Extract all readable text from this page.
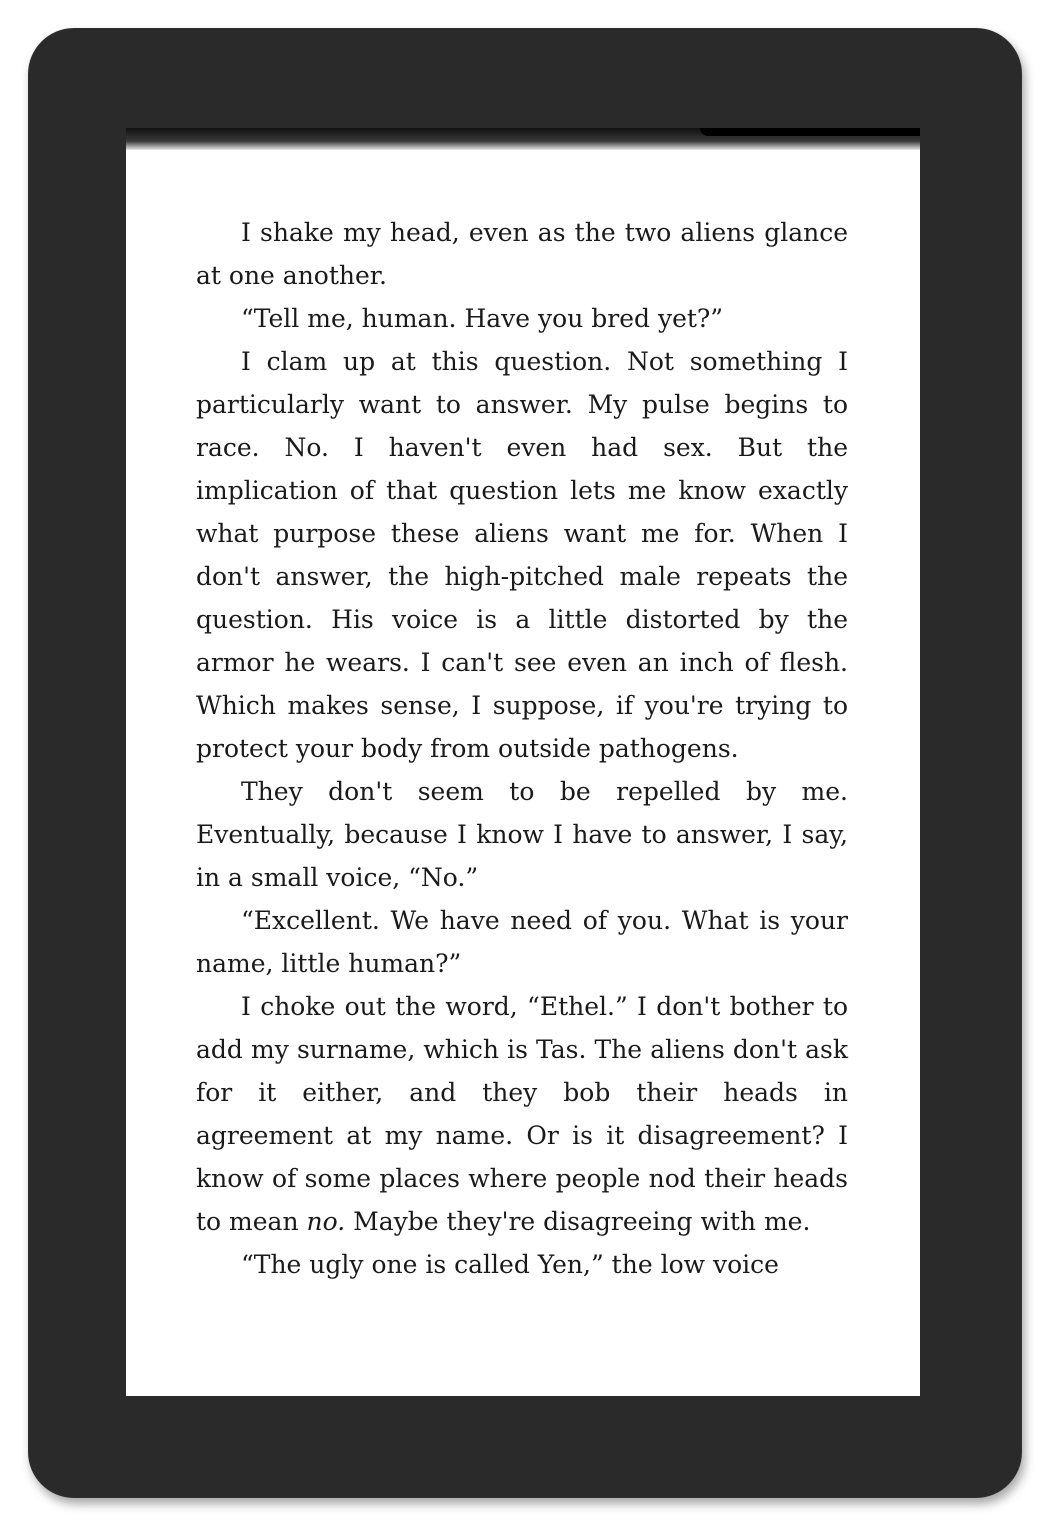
I shake my head, even as the two aliens glance at one another.

“Tell me, human. Have you bred yet?”

I clam up at this question. Not something I particularly want to answer. My pulse begins to race. No. I haven't even had sex. But the implication of that question lets me know exactly what purpose these aliens want me for. When I don't answer, the high-pitched male repeats the question. His voice is a little distorted by the armor he wears. I can't see even an inch of flesh. Which makes sense, I suppose, if you're trying to protect your body from outside pathogens.

They don't seem to be repelled by me. Eventually, because I know I have to answer, I say, in a small voice, “No.”

“Excellent. We have need of you. What is your name, little human?”

I choke out the word, “Ethel.” I don't bother to add my surname, which is Tas. The aliens don't ask for it either, and they bob their heads in agreement at my name. Or is it disagreement? I know of some places where people nod their heads to mean no. Maybe they're disagreeing with me.

“The ugly one is called Yen,” the low voice
